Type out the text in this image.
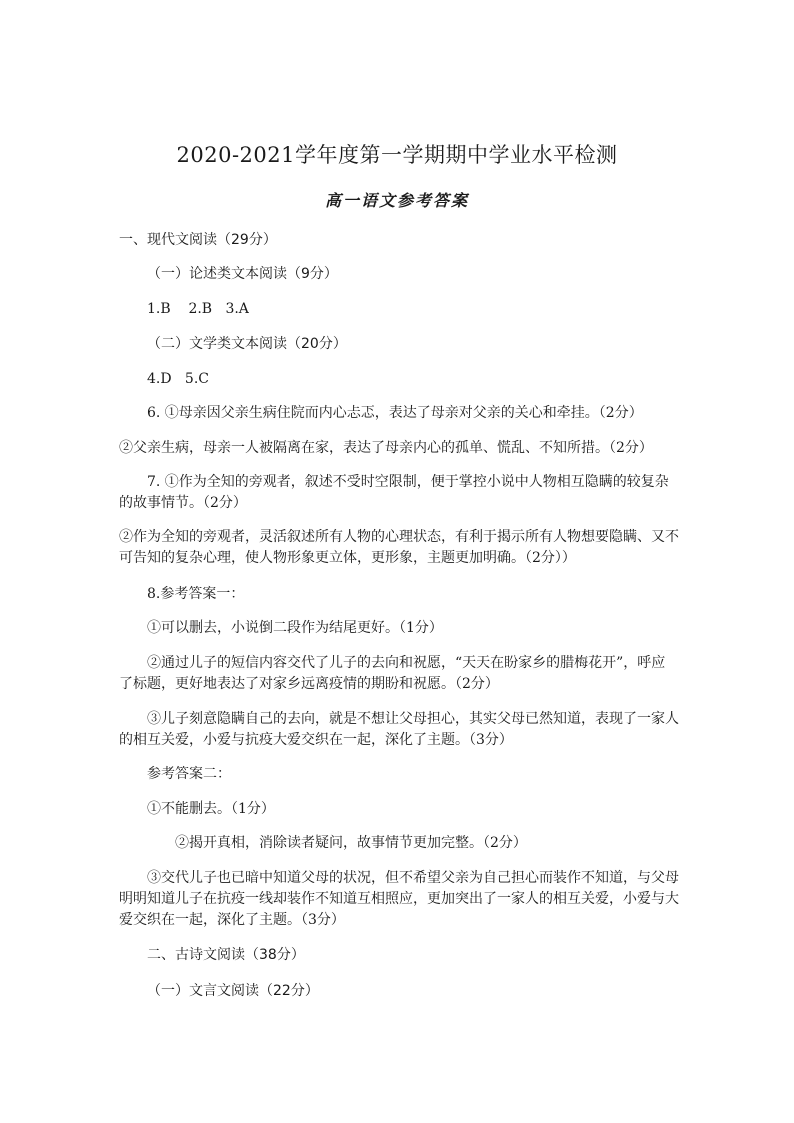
2020-2021学年度第一学期期中学业水平检测
高一语文参考答案
一、现代文阅读（29分）
（一）论述类文本阅读（9分）
1.B    2.B   3.A
（二）文学类文本阅读（20分）
4.D   5.C
6. ①母亲因父亲生病住院而内心忐忑，表达了母亲对父亲的关心和牵挂。（2分）
②父亲生病，母亲一人被隔离在家，表达了母亲内心的孤单、慌乱、不知所措。（2分）
7. ①作为全知的旁观者，叙述不受时空限制，便于掌控小说中人物相互隐瞒的较复杂
的故事情节。（2分）
②作为全知的旁观者，灵活叙述所有人物的心理状态，有利于揭示所有人物想要隐瞒、又不
可告知的复杂心理，使人物形象更立体，更形象，主题更加明确。（2分））
8.参考答案一：
①可以删去，小说倒二段作为结尾更好。（1分）
②通过儿子的短信内容交代了儿子的去向和祝愿，“天天在盼家乡的腊梅花开”，呼应
了标题，更好地表达了对家乡远离疫情的期盼和祝愿。（2分）
③儿子刻意隐瞒自己的去向，就是不想让父母担心，其实父母已然知道，表现了一家人
的相互关爱，小爱与抗疫大爱交织在一起，深化了主题。（3分）
参考答案二：
①不能删去。（1分）
②揭开真相，消除读者疑问，故事情节更加完整。（2分）
③交代儿子也已暗中知道父母的状况，但不希望父亲为自己担心而装作不知道，与父母
明明知道儿子在抗疫一线却装作不知道互相照应，更加突出了一家人的相互关爱，小爱与大
爱交织在一起，深化了主题。（3分）
二、古诗文阅读（38分）
（一）文言文阅读（22分）
